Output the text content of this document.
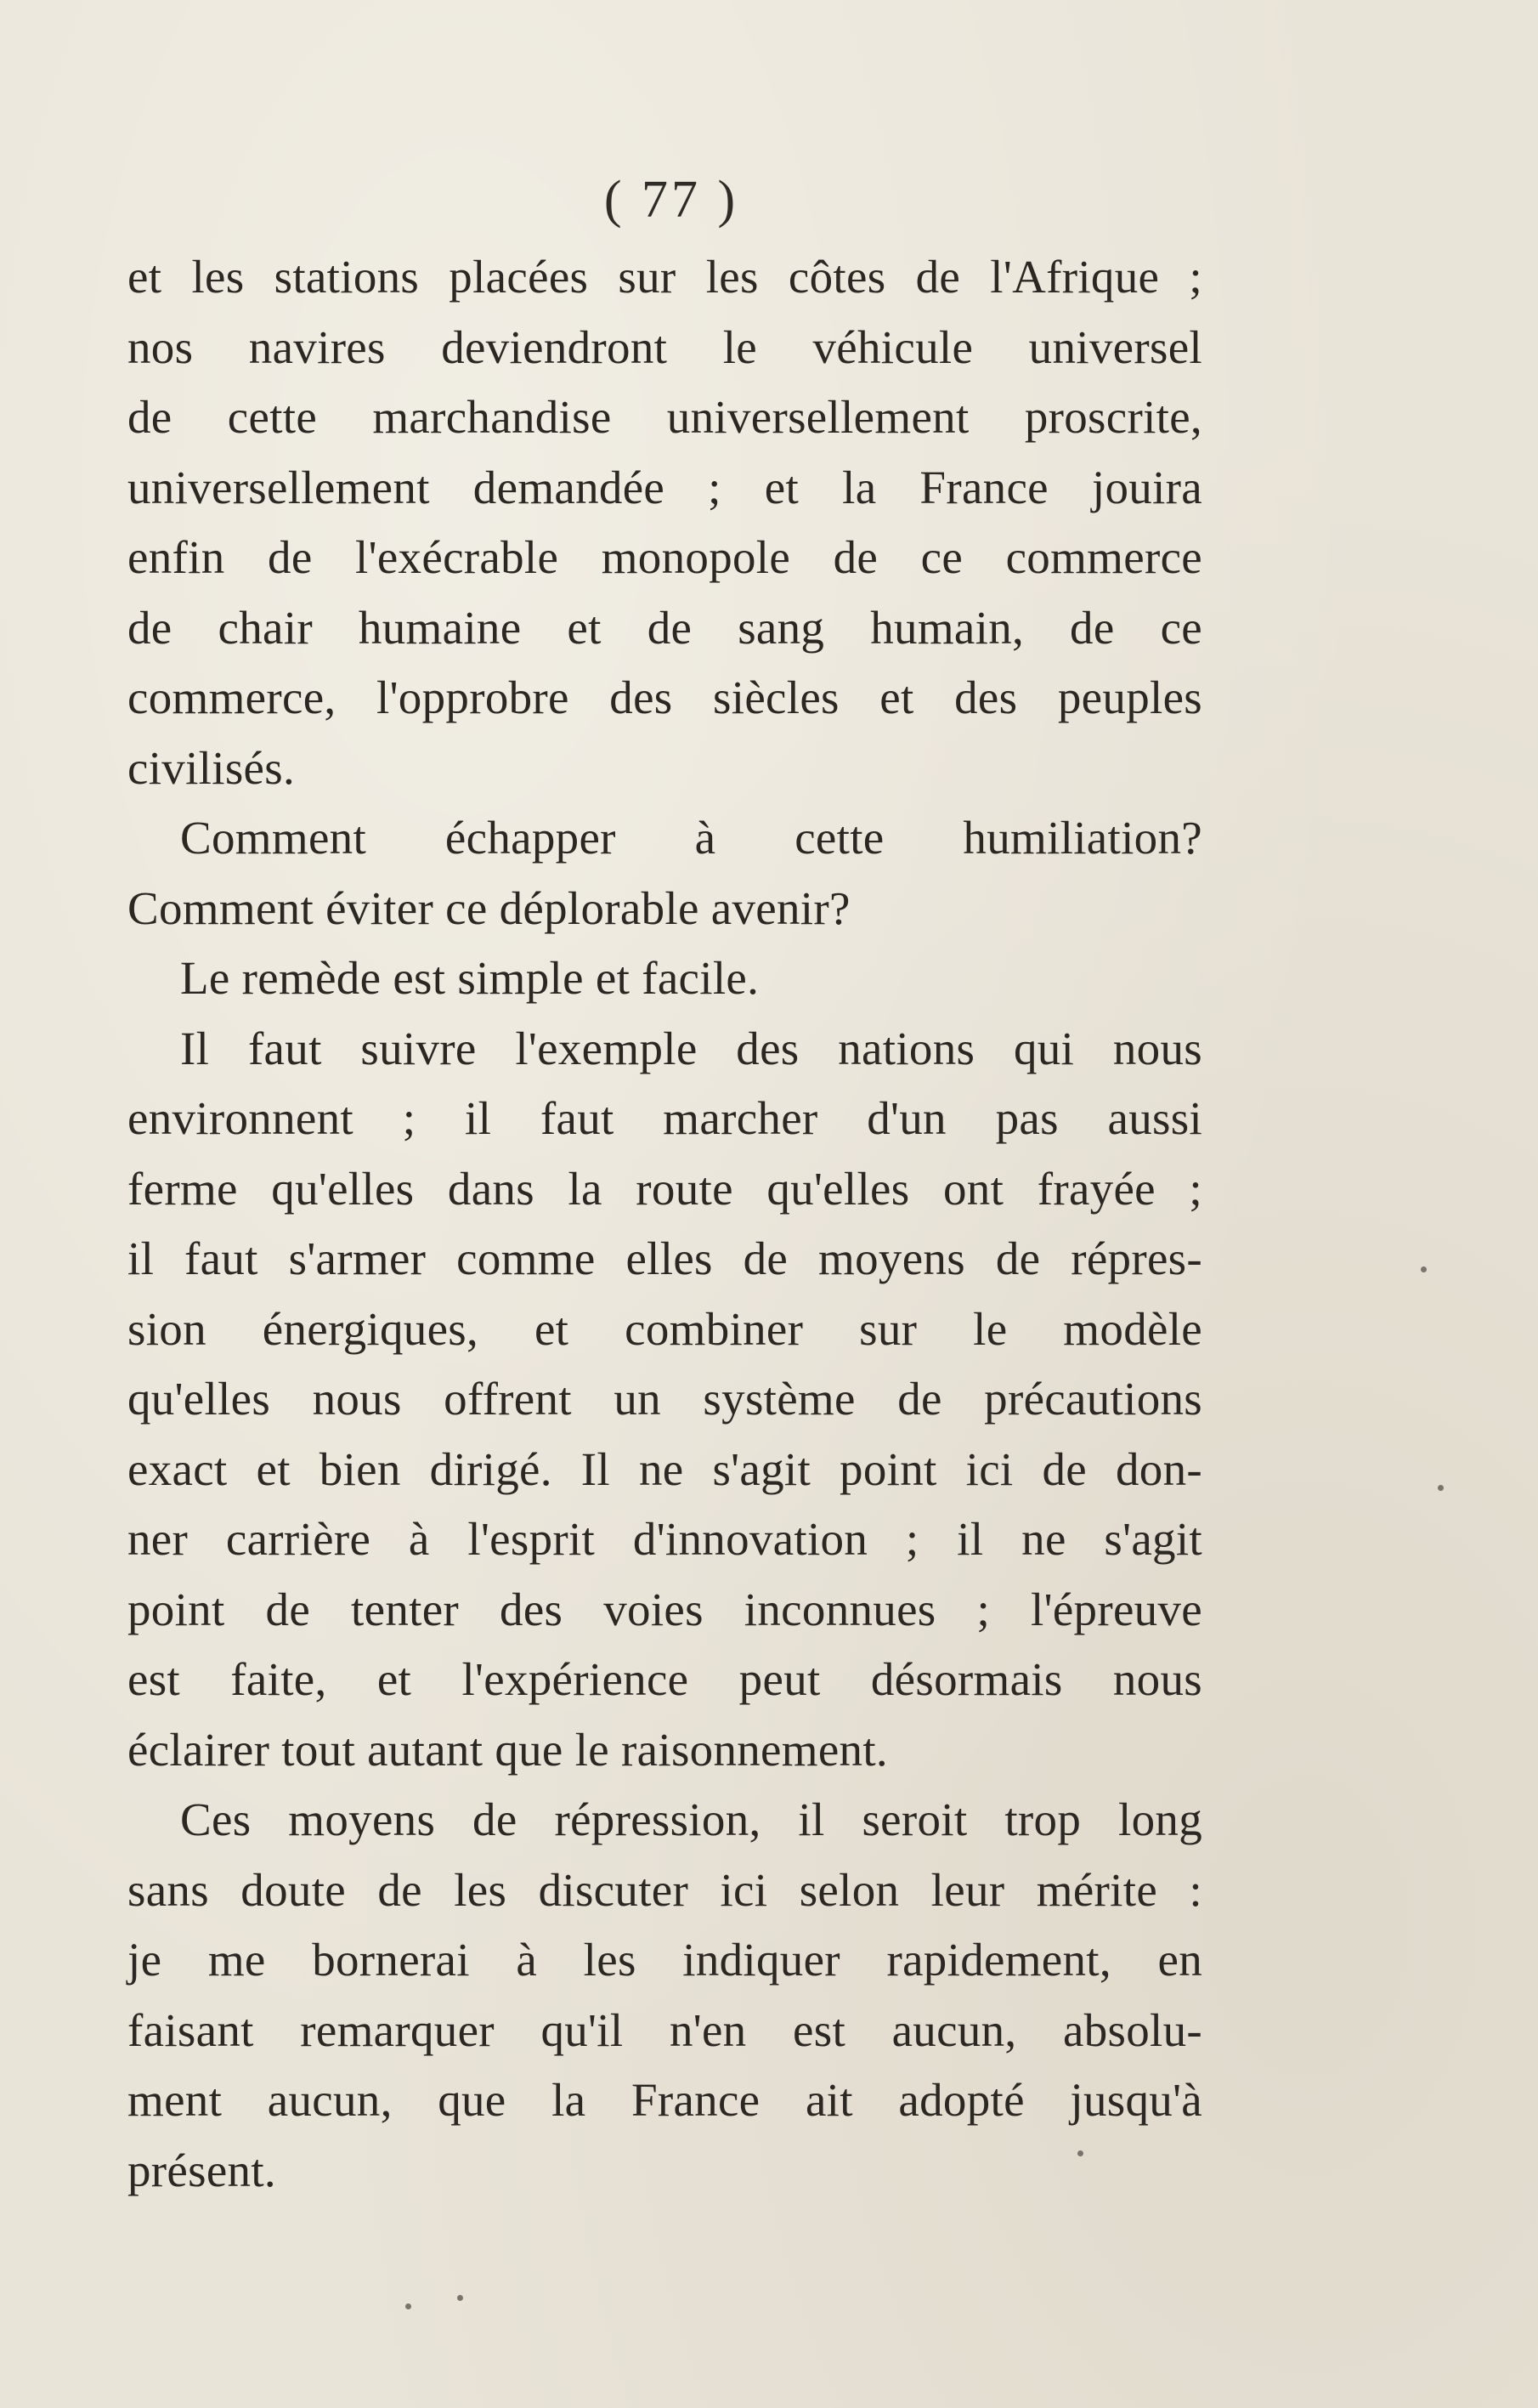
( 77 )
et les stations placées sur les côtes de l'Afrique ;
nos navires deviendront le véhicule universel
de cette marchandise universellement proscrite,
universellement demandée ; et la France jouira
enfin de l'exécrable monopole de ce commerce
de chair humaine et de sang humain, de ce
commerce, l'opprobre des siècles et des peuples
civilisés.
Comment échapper à cette humiliation?
Comment éviter ce déplorable avenir?
Le remède est simple et facile.
Il faut suivre l'exemple des nations qui nous
environnent ; il faut marcher d'un pas aussi
ferme qu'elles dans la route qu'elles ont frayée ;
il faut s'armer comme elles de moyens de répres-
sion énergiques, et combiner sur le modèle
qu'elles nous offrent un système de précautions
exact et bien dirigé. Il ne s'agit point ici de don-
ner carrière à l'esprit d'innovation ; il ne s'agit
point de tenter des voies inconnues ; l'épreuve
est faite, et l'expérience peut désormais nous
éclairer tout autant que le raisonnement.
Ces moyens de répression, il seroit trop long
sans doute de les discuter ici selon leur mérite :
je me bornerai à les indiquer rapidement, en
faisant remarquer qu'il n'en est aucun, absolu-
ment aucun, que la France ait adopté jusqu'à
présent.
